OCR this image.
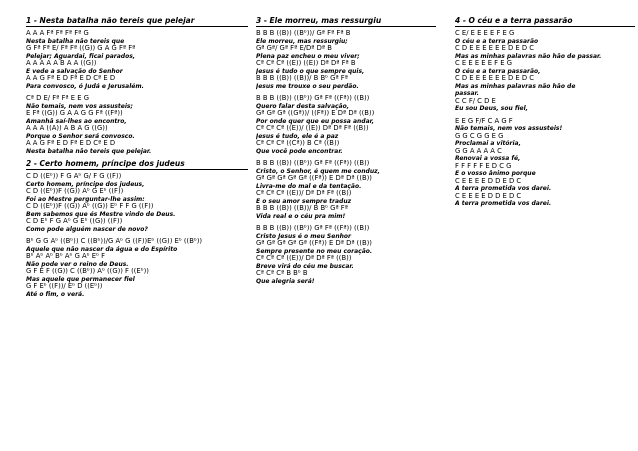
1 - Nesta batalha não tereis que pelejar
A A A Fª Fª Fª Fª G
Nesta batalha não tereis que
G Fª Fª E/ Fª Fª ((G)) G A G Fª Fª
Pelejar; Aguardai, ficai parados,
A A A A A B A A ((G))
E vede a salvação do Senhor
A A G Fª E D Fª E D Cª E D
Para convosco, ó Judá e Jerusalém.
Cª D E/ Fª Fª E E G
Não temais, nem vos assusteis;
E Fª ((G)) G A A G G Fª ((Fª))
Amanhã saí-lhes ao encontro,
A A A ((A)) A B A G ((G))
Porque o Senhor será convosco.
A A G Fª E D Fª E D Cª E D
Nesta batalha não tereis que pelejar.
2 - Certo homem, príncipe dos judeus
C D ((Eᵇ)) F G Aᵇ G/ F G ((F))
Certo homem, príncipe dos judeus,
C D ((Eᵇ))F ((G)) Aᵇ G Eᵇ ((F))
Foi ao Mestre perguntar-lhe assim:
C D ((Eᵇ))F ((G)) Aᵇ ((G)) Eᵇ F F G ((F))
Bem sabemos que és Mestre vindo de Deus.
C D Eᵇ F G Aᵇ G Eᵇ ((G)) ((F))
Como pode alguém nascer de novo?
Bᵇ G G Aᵇ ((Bᵇ)) C ((Bᵇ))/G Aᵇ G ((F))Eᵇ ((G)) Eᵇ ((Bᵇ))
Aquele que não nascer da água e do Espírito
Bᵇ Aᵇ Aᵇ Bᵇ Aᵇ G Aᵇ Eᵇ F
Não pode ver o reino de Deus.
G F E F ((G)) C ((Bᵇ)) Aᵇ ((G)) F ((Eᵇ))
Mas aquele que permanecer fiel
G F Eᵇ ((F))/ Eᵇ D ((Eᵇ))
Até o fim, o verá.
3 - Ele morreu, mas ressurgiu
B B B ((B)) ((Bᵇ))/ Gª Fª Fª B
Ele morreu, mas ressurgiu;
Gª Gª/ Gª Fª E/Dª Dª B
Plena paz encheu o meu viver;
Cª Cª Cª ((E)) ((E)) Dª Dª Fª B
Jesus é tudo o que sempre quis,
B B B ((B)) ((B))/ B Bᵇ Gª Fª
Jesus me trouxe o seu perdão.
B B B ((B)) ((Bᵇ)) Gª Fª ((Fª)) ((B))
Quero falar desta salvação,
Gª Gª Gª ((Gª))/ ((Fª)) E Dª Dª ((B))
Por onde quer que eu possa andar,
Cª Cª Cª ((E))/ ((E)) Dª Dª Fª ((B))
Jesus é tudo, ele é a paz
Cª Cª Cª ((Cª)) B Cª ((B))
Que você pode encontrar.
B B B ((B)) ((Bᵇ)) Gª Fª ((Fª)) ((B))
Cristo, o Senhor, é quem me conduz,
Gª Gª Gª Gª Gª ((Fª)) E Dª Dª ((B))
Livra-me do mal e da tentação.
Cª Cª Cª ((E))/ Dª Dª Fª ((B))
E o seu amor sempre traduz
B B B ((B)) ((B))/ B Bᵇ Gª Fª
Vida real e o céu pra mim!
B B B ((B)) ((Bᵇ)) Gª Fª ((Fª)) ((B))
Cristo Jesus é o meu Senhor
Gª Gª Gª Gª Gª ((Fª)) E Dª Dª ((B))
Sempre presente no meu coração.
Cª Cª Cª ((E))/ Dª Dª Fª ((B))
Breve virá do céu me buscar.
Cª Cª Cª B Bᵇ B
Que alegria será!
4 - O céu e a terra passarão
C E/ E E E E F E G
O céu e a terra passarão
C D E E E E E E D E D C
Mas as minhas palavras não hão de passar.
C E E E E E F E G
O céu e a terra passarão,
C D E E E E E E D E D C
Mas as minhas palavras não hão de
passar.
C C F/ C D E
Eu sou Deus, sou fiel,
E E G F/F C A G F
Não temais, nem vos assusteis!
G G C G G E G
Proclamai a vitória,
G G A A A A C
Renovai a vossa fé,
F F F F F E D C G
E o vosso ânimo porque
C E E E E D D E D C
A terra prometida vos darei.
C E E E E D D E D C
A terra prometida vos darei.
